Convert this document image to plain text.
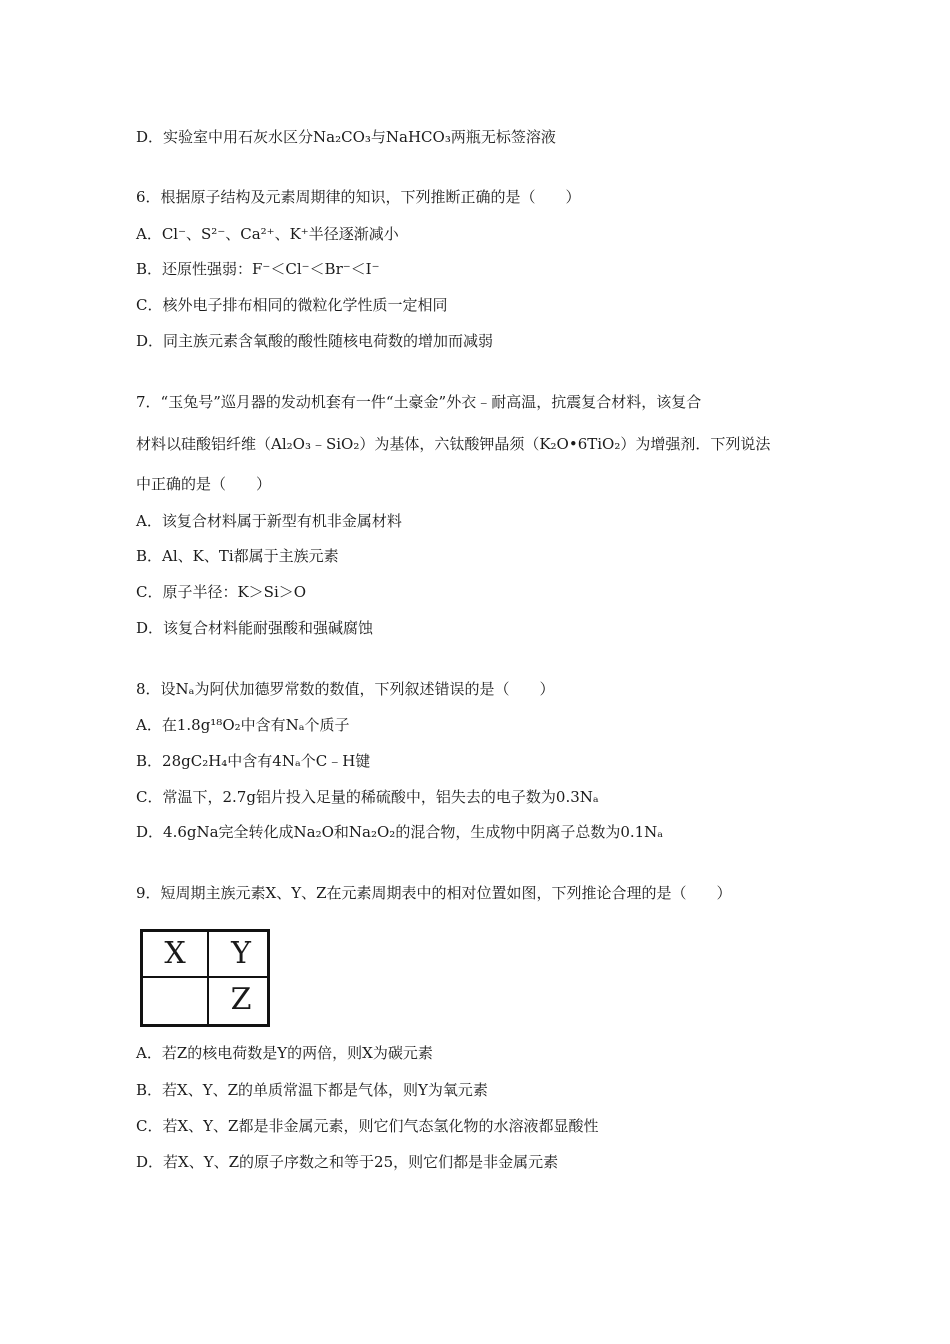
D．实验室中用石灰水区分Na₂CO₃与NaHCO₃两瓶无标签溶液
6．根据原子结构及元素周期律的知识，下列推断正确的是（　　）
A．Cl⁻、S²⁻、Ca²⁺、K⁺半径逐渐减小
B．还原性强弱：F⁻＜Cl⁻＜Br⁻＜I⁻
C．核外电子排布相同的微粒化学性质一定相同
D．同主族元素含氧酸的酸性随核电荷数的增加而减弱
7．“玉兔号”巡月器的发动机套有一件“土豪金”外衣﹣耐高温，抗震复合材料，该复合
材料以硅酸铝纤维（Al₂O₃﹣SiO₂）为基体，六钛酸钾晶须（K₂O•6TiO₂）为增强剂．下列说法
中正确的是（　　）
A．该复合材料属于新型有机非金属材料
B．Al、K、Ti都属于主族元素
C．原子半径：K＞Si＞O
D．该复合材料能耐强酸和强碱腐蚀
8．设Nₐ为阿伏加德罗常数的数值，下列叙述错误的是（　　）
A．在1.8g¹⁸O₂中含有Nₐ个质子
B．28gC₂H₄中含有4Nₐ个C﹣H键
C．常温下，2.7g铝片投入足量的稀硫酸中，铝失去的电子数为0.3Nₐ
D．4.6gNa完全转化成Na₂O和Na₂O₂的混合物，生成物中阴离子总数为0.1Nₐ
9．短周期主族元素X、Y、Z在元素周期表中的相对位置如图，下列推论合理的是（　　）
X	Y
Z
A．若Z的核电荷数是Y的两倍，则X为碳元素
B．若X、Y、Z的单质常温下都是气体，则Y为氧元素
C．若X、Y、Z都是非金属元素，则它们气态氢化物的水溶液都显酸性
D．若X、Y、Z的原子序数之和等于25，则它们都是非金属元素
